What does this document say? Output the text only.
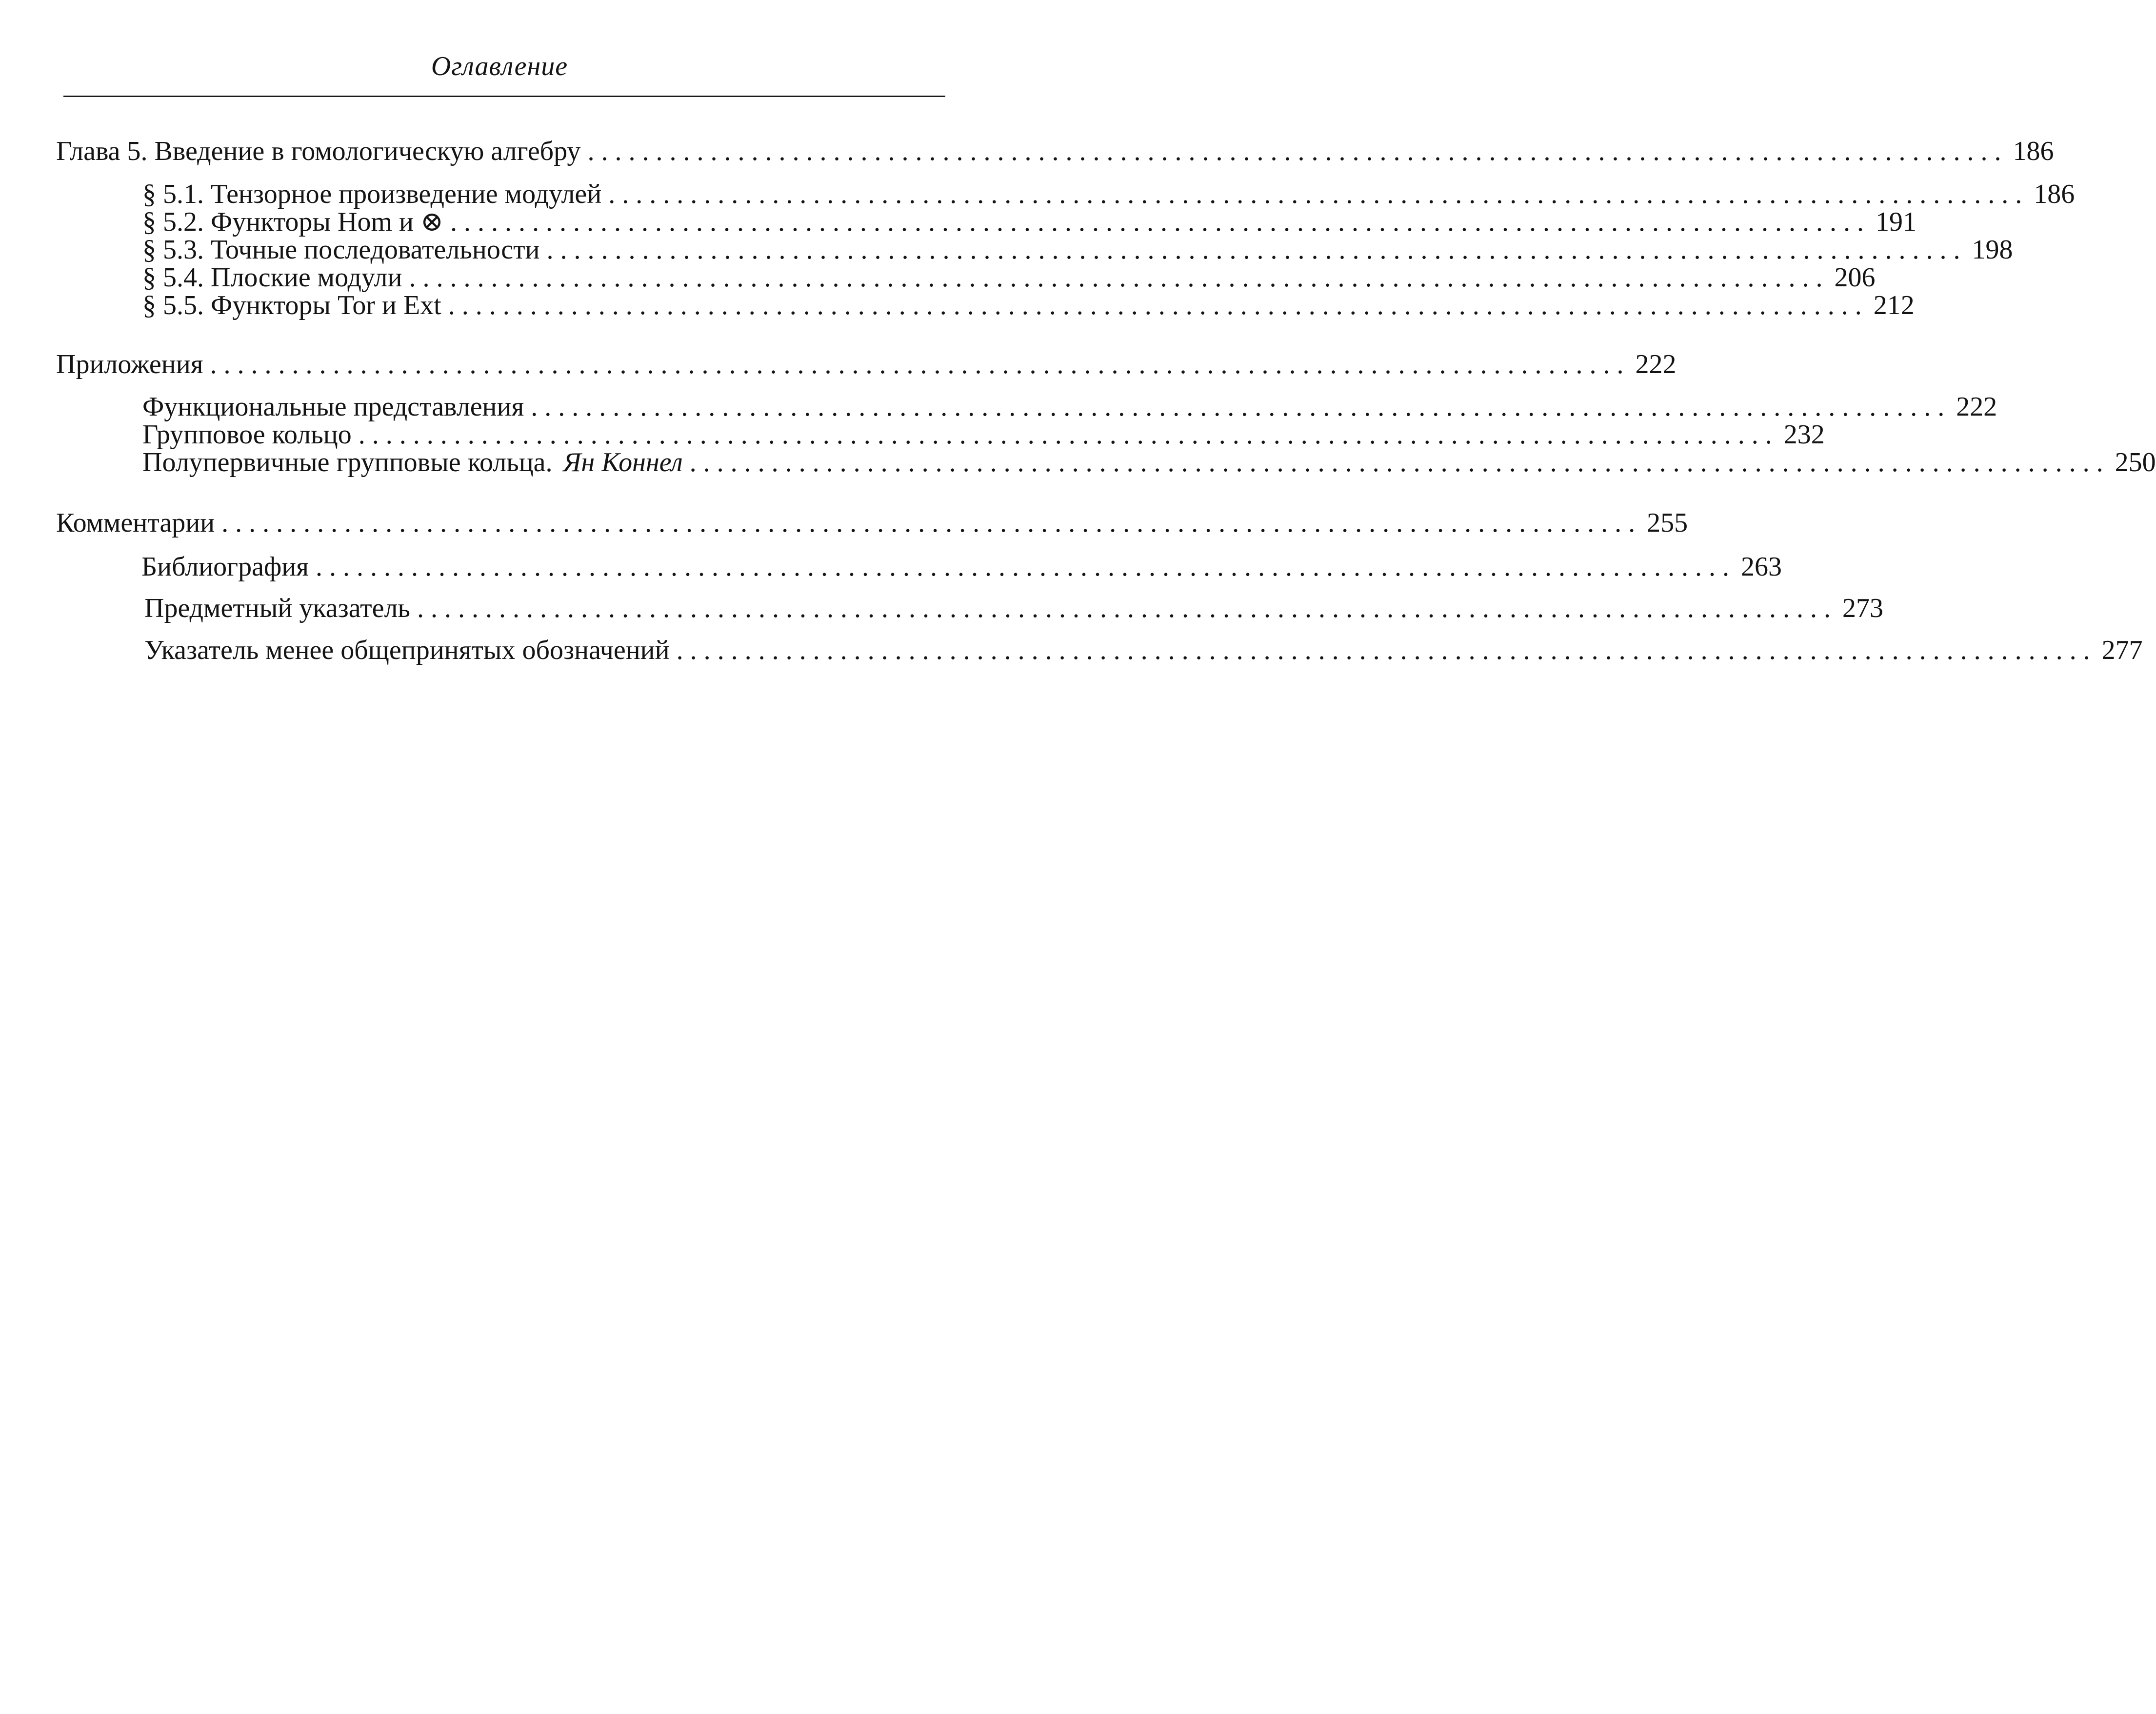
Оглавление
Глава 5. Введение в гомологическую алгебру ........................................................................................................ 186
§ 5.1. Тензорное произведение модулей ........................................................................................................ 186
§ 5.2. Функторы Hom и ⊗ ........................................................................................................ 191
§ 5.3. Точные последовательности ........................................................................................................ 198
§ 5.4. Плоские модули ........................................................................................................ 206
§ 5.5. Функторы Tor и Ext ........................................................................................................ 212
Приложения ........................................................................................................ 222
Функциональные представления ........................................................................................................ 222
Групповое кольцо ........................................................................................................ 232
Полупервичные групповые кольца. Ян Коннел ........................................................................................................ 250
Комментарии ........................................................................................................ 255
Библиография ........................................................................................................ 263
Предметный указатель ........................................................................................................ 273
Указатель менее общепринятых обозначений ........................................................................................................ 277
